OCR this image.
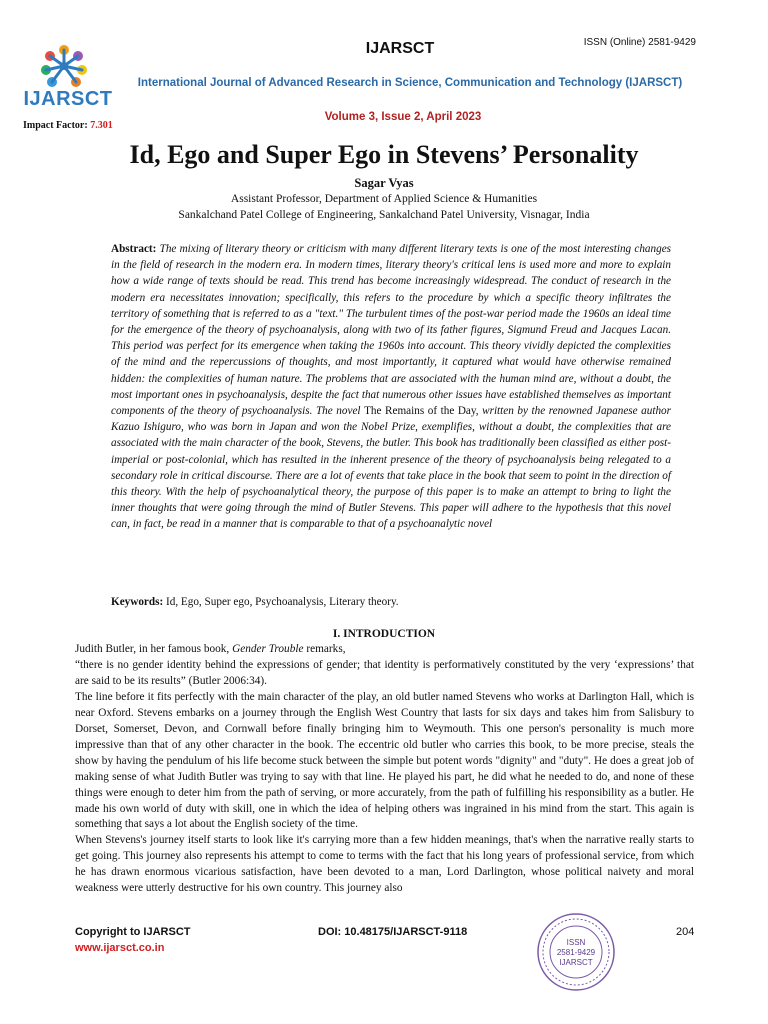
IJARSCT
Impact Factor: 7.301
IJARSCT	ISSN (Online) 2581-9429
International Journal of Advanced Research in Science, Communication and Technology (IJARSCT)
Volume 3, Issue 2, April 2023
Id, Ego and Super Ego in Stevens’ Personality
Sagar Vyas
Assistant Professor, Department of Applied Science & Humanities
Sankalchand Patel College of Engineering, Sankalchand Patel University, Visnagar, India
Abstract: The mixing of literary theory or criticism with many different literary texts is one of the most interesting changes in the field of research in the modern era. In modern times, literary theory's critical lens is used more and more to explain how a wide range of texts should be read. This trend has become increasingly widespread. The conduct of research in the modern era necessitates innovation; specifically, this refers to the procedure by which a specific theory infiltrates the territory of something that is referred to as a "text." The turbulent times of the post-war period made the 1960s an ideal time for the emergence of the theory of psychoanalysis, along with two of its father figures, Sigmund Freud and Jacques Lacan. This period was perfect for its emergence when taking the 1960s into account. This theory vividly depicted the complexities of the mind and the repercussions of thoughts, and most importantly, it captured what would have otherwise remained hidden: the complexities of human nature. The problems that are associated with the human mind are, without a doubt, the most important ones in psychoanalysis, despite the fact that numerous other issues have established themselves as important components of the theory of psychoanalysis. The novel The Remains of the Day, written by the renowned Japanese author Kazuo Ishiguro, who was born in Japan and won the Nobel Prize, exemplifies, without a doubt, the complexities that are associated with the main character of the book, Stevens, the butler. This book has traditionally been classified as either post-imperial or post-colonial, which has resulted in the inherent presence of the theory of psychoanalysis being relegated to a secondary role in critical discourse. There are a lot of events that take place in the book that seem to point in the direction of this theory. With the help of psychoanalytical theory, the purpose of this paper is to make an attempt to bring to light the inner thoughts that were going through the mind of Butler Stevens. This paper will adhere to the hypothesis that this novel can, in fact, be read in a manner that is comparable to that of a psychoanalytic novel
Keywords: Id, Ego, Super ego, Psychoanalysis, Literary theory.
I. INTRODUCTION

Judith Butler, in her famous book, Gender Trouble remarks,

“there is no gender identity behind the expressions of gender; that identity is performatively constituted by the very ‘expressions’ that are said to be its results” (Butler 2006:34).

The line before it fits perfectly with the main character of the play, an old butler named Stevens who works at Darlington Hall, which is near Oxford. Stevens embarks on a journey through the English West Country that lasts for six days and takes him from Salisbury to Dorset, Somerset, Devon, and Cornwall before finally bringing him to Weymouth. This one person's personality is much more impressive than that of any other character in the book. The eccentric old butler who carries this book, to be more precise, steals the show by having the pendulum of his life become stuck between the simple but potent words "dignity" and "duty". He does a great job of making sense of what Judith Butler was trying to say with that line. He played his part, he did what he needed to do, and none of these things were enough to deter him from the path of serving, or more accurately, from the path of fulfilling his responsibility as a butler. He made his own world of duty with skill, one in which the idea of helping others was ingrained in his mind from the start. This again is something that says a lot about the English society of the time.

When Stevens's journey itself starts to look like it's carrying more than a few hidden meanings, that's when the narrative really starts to get going. This journey also represents his attempt to come to terms with the fact that his long years of professional service, from which he has drawn enormous vicarious satisfaction, have been devoted to a man, Lord Darlington, whose political naivety and moral weakness were utterly destructive for his own country. This journey also

Copyright to IJARSCT
www.ijarsct.co.in
DOI: 10.48175/IJARSCT-9118	204
ISSN
2581-9429
IJARSCT
